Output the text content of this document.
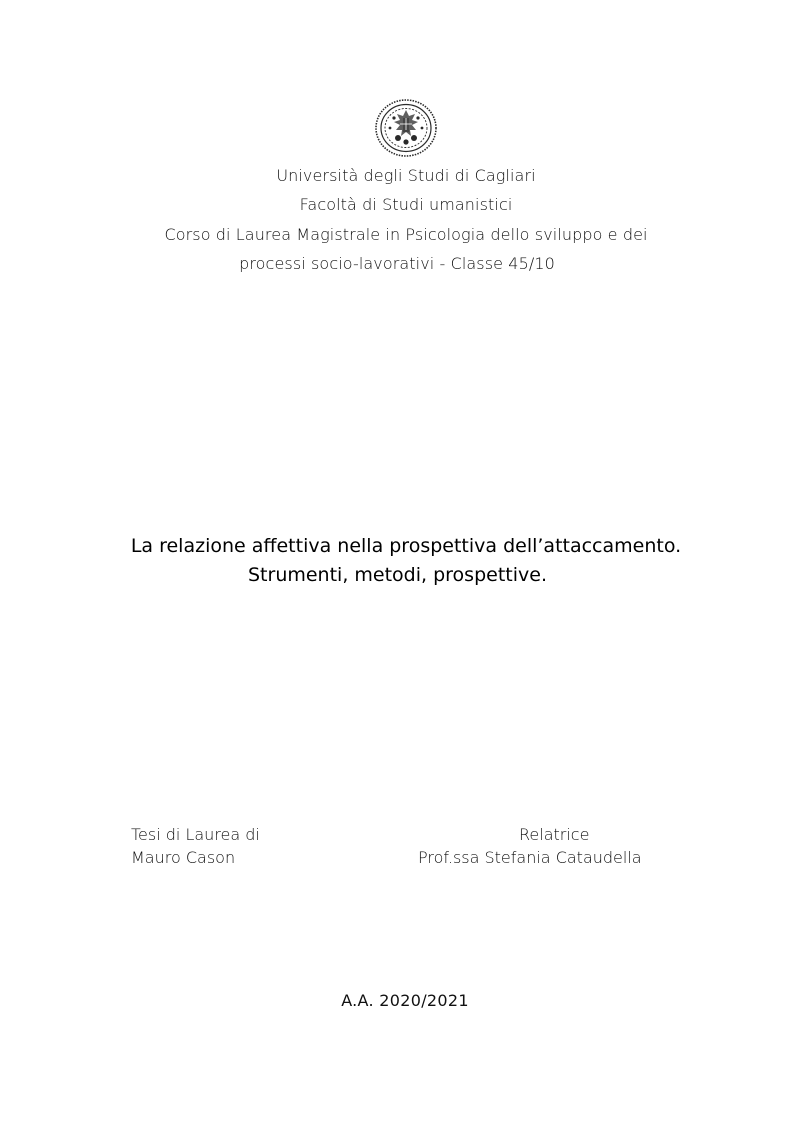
Università degli Studi di Cagliari
Facoltà di Studi umanistici
Corso di Laurea Magistrale in Psicologia dello sviluppo e dei
processi socio-lavorativi - Classe 45/10
La relazione affettiva nella prospettiva dell’attaccamento.
Strumenti, metodi, prospettive.
Tesi di Laurea di
Mauro Cason
Relatrice
Prof.ssa Stefania Cataudella
A.A. 2020/2021
